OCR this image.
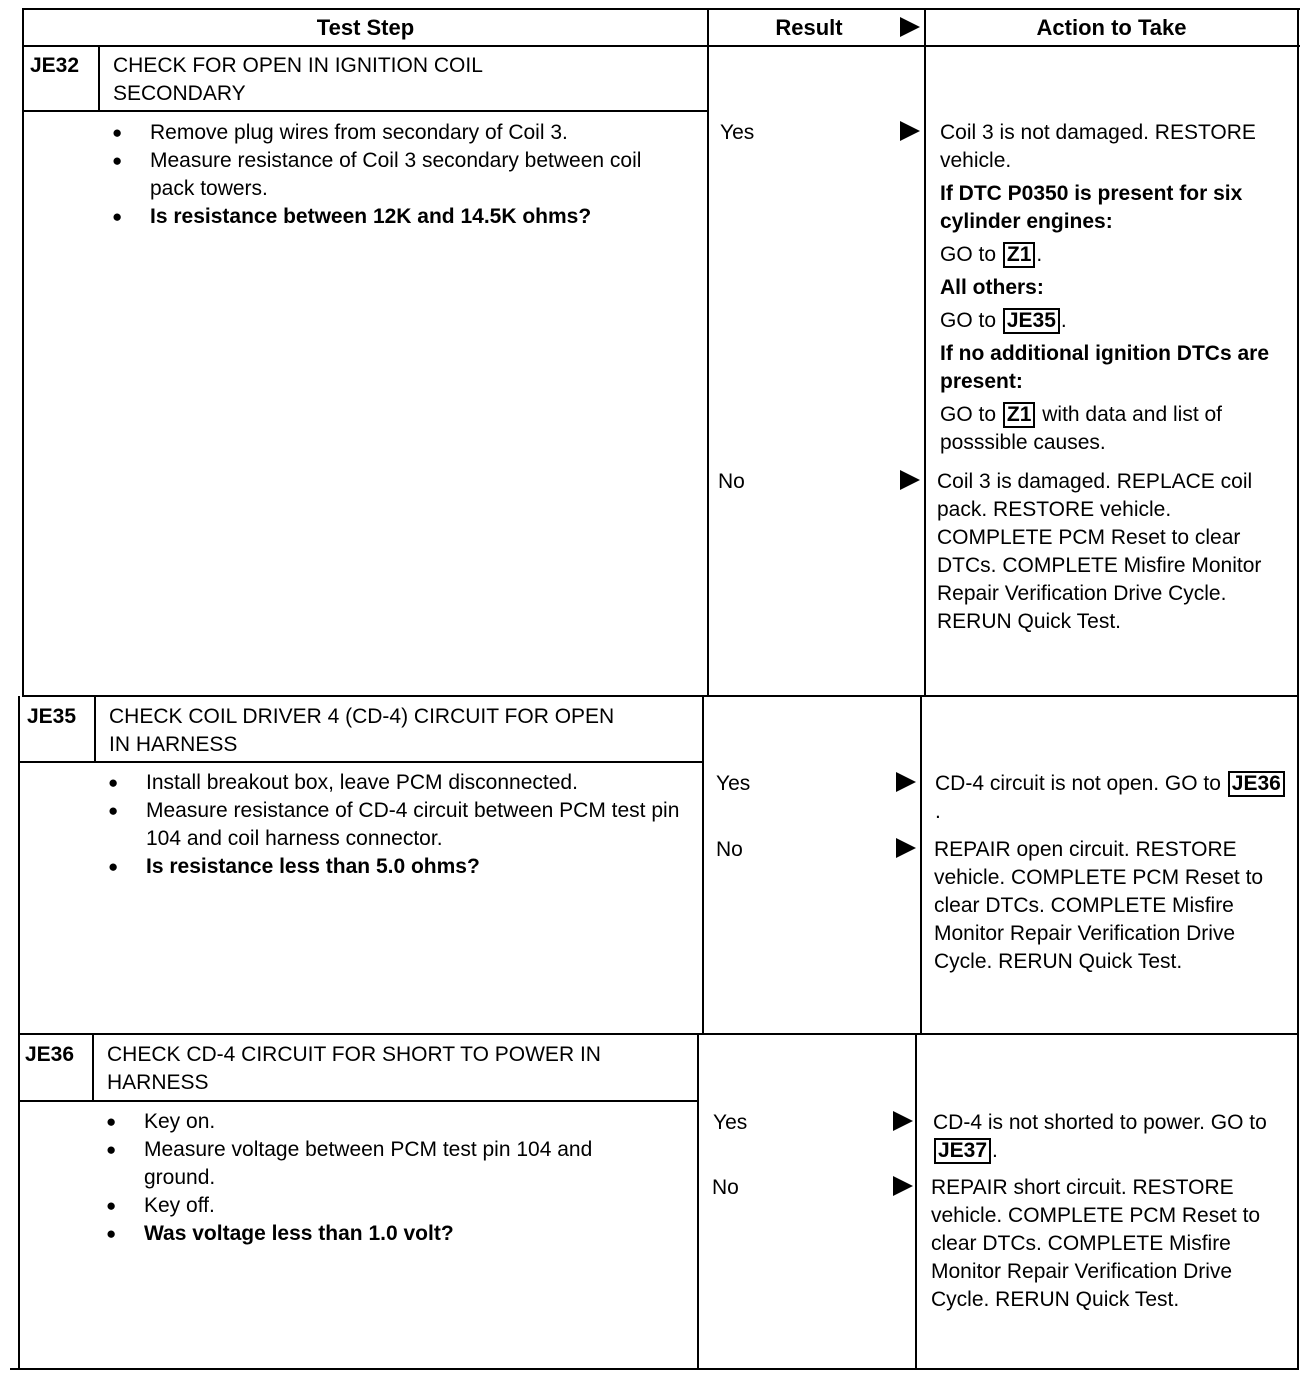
Test Step	Result	Action to Take
JE32 CHECK FOR OPEN IN IGNITION COIL SECONDARY
● Remove plug wires from secondary of Coil 3.
● Measure resistance of Coil 3 secondary between coil pack towers.
● Is resistance between 12K and 14.5K ohms?
Yes	Coil 3 is not damaged. RESTORE vehicle.

If DTC P0350 is present for six cylinder engines:

GO to Z1 .

All others:

GO to JE35 .

If no additional ignition DTCs are present:

GO to Z1 with data and list of posssible causes.

No	Coil 3 is damaged. REPLACE coil pack. RESTORE vehicle. COMPLETE PCM Reset to clear DTCs. COMPLETE Misfire Monitor Repair Verification Drive Cycle.

RERUN Quick Test.

JE35 CHECK COIL DRIVER 4 (CD-4) CIRCUIT FOR OPEN IN HARNESS
● Install breakout box, leave PCM disconnected.
● Measure resistance of CD-4 circuit between PCM test pin 104 and coil harness connector.
● Is resistance less than 5.0 ohms?
Yes	CD-4 circuit is not open. GO to JE36.

No	REPAIR open circuit. RESTORE vehicle. COMPLETE PCM Reset to clear DTCs. COMPLETE Misfire Monitor Repair Verification Drive Cycle. RERUN Quick Test.

JE36 CHECK CD-4 CIRCUIT FOR SHORT TO POWER IN HARNESS
● Key on.
● Measure voltage between PCM test pin 104 and ground.
● Key off.
● Was voltage less than 1.0 volt?
Yes	CD-4 is not shorted to power. GO to JE37 .

No	REPAIR short circuit. RESTORE vehicle. COMPLETE PCM Reset to clear DTCs. COMPLETE Misfire Monitor Repair Verification Drive Cycle. RERUN Quick Test.
